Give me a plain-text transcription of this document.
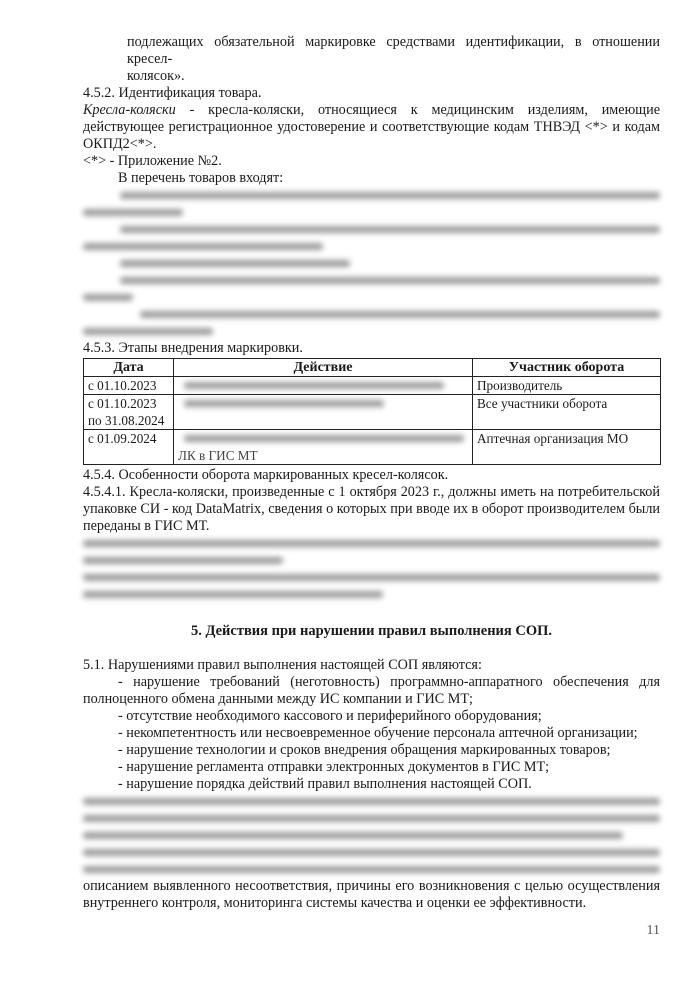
подлежащих обязательной маркировке средствами идентификации, в отношении кресел-
колясок».
4.5.2. Идентификация товара.
Кресла-коляски - кресла-коляски, относящиеся к медицинским изделиям, имеющие действующее регистрационное удостоверение и соответствующие кодам ТНВЭД <*> и кодам ОКПД2<*>.
<*> - Приложение №2.
В перечень товаров входят:
4.5.3. Этапы внедрения маркировки.
Дата	Действие	Участник оборота
с 01.10.2023		Производитель
с 01.10.2023
по 31.08.2024		Все участники оборота
с 01.09.2024	ЛК в ГИС МТ	Аптечная организация МО
4.5.4. Особенности оборота маркированных кресел-колясок.
4.5.4.1. Кресла-коляски, произведенные с 1 октября 2023 г., должны иметь на потребительской упаковке СИ - код DataMatrix, сведения о которых при вводе их в оборот производителем были переданы в ГИС МТ.
5. Действия при нарушении правил выполнения СОП.
5.1. Нарушениями правил выполнения настоящей СОП являются:
- нарушение требований (неготовность) программно-аппаратного обеспечения для полноценного обмена данными между ИС компании и ГИС МТ;
- отсутствие необходимого кассового и периферийного оборудования;
- некомпетентность или несвоевременное обучение персонала аптечной организации;
- нарушение технологии и сроков внедрения обращения маркированных товаров;
- нарушение регламента отправки электронных документов в ГИС МТ;
- нарушение порядка действий правил выполнения настоящей СОП.
описанием выявленного несоответствия, причины его возникновения с целью осуществления внутреннего контроля, мониторинга системы качества и оценки ее эффективности.
11
